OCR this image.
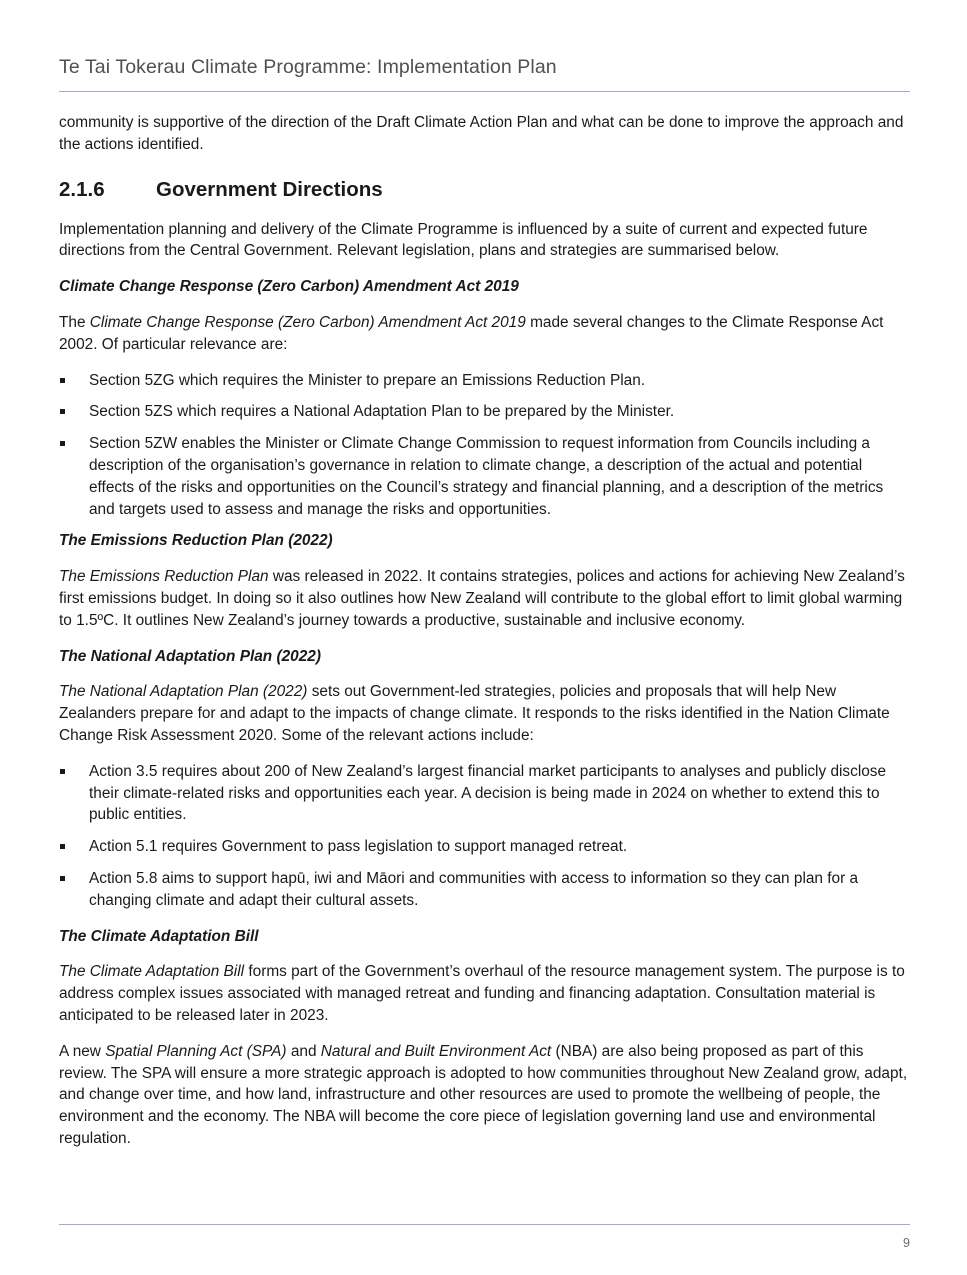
Te Tai Tokerau Climate Programme: Implementation Plan

community is supportive of the direction of the Draft Climate Action Plan and what can be done to improve the approach and the actions identified.

2.1.6	Government Directions

Implementation planning and delivery of the Climate Programme is influenced by a suite of current and expected future directions from the Central Government. Relevant legislation, plans and strategies are summarised below.

Climate Change Response (Zero Carbon) Amendment Act 2019

The Climate Change Response (Zero Carbon) Amendment Act 2019 made several changes to the Climate Response Act 2002. Of particular relevance are:

Section 5ZG which requires the Minister to prepare an Emissions Reduction Plan.
Section 5ZS which requires a National Adaptation Plan to be prepared by the Minister.
Section 5ZW enables the Minister or Climate Change Commission to request information from Councils including a description of the organisation’s governance in relation to climate change, a description of the actual and potential effects of the risks and opportunities on the Council’s strategy and financial planning, and a description of the metrics and targets used to assess and manage the risks and opportunities.

The Emissions Reduction Plan (2022)

The Emissions Reduction Plan was released in 2022. It contains strategies, polices and actions for achieving New Zealand’s first emissions budget. In doing so it also outlines how New Zealand will contribute to the global effort to limit global warming to 1.5ºC. It outlines New Zealand’s journey towards a productive, sustainable and inclusive economy.

The National Adaptation Plan (2022)

The National Adaptation Plan (2022) sets out Government-led strategies, policies and proposals that will help New Zealanders prepare for and adapt to the impacts of change climate. It responds to the risks identified in the Nation Climate Change Risk Assessment 2020. Some of the relevant actions include:

Action 3.5 requires about 200 of New Zealand’s largest financial market participants to analyses and publicly disclose their climate-related risks and opportunities each year. A decision is being made in 2024 on whether to extend this to public entities.
Action 5.1 requires Government to pass legislation to support managed retreat.
Action 5.8 aims to support hapū, iwi and Māori and communities with access to information so they can plan for a changing climate and adapt their cultural assets.

The Climate Adaptation Bill

The Climate Adaptation Bill forms part of the Government’s overhaul of the resource management system. The purpose is to address complex issues associated with managed retreat and funding and financing adaptation. Consultation material is anticipated to be released later in 2023.

A new Spatial Planning Act (SPA) and Natural and Built Environment Act (NBA) are also being proposed as part of this review. The SPA will ensure a more strategic approach is adopted to how communities throughout New Zealand grow, adapt, and change over time, and how land, infrastructure and other resources are used to promote the wellbeing of people, the environment and the economy. The NBA will become the core piece of legislation governing land use and environmental regulation.

9
